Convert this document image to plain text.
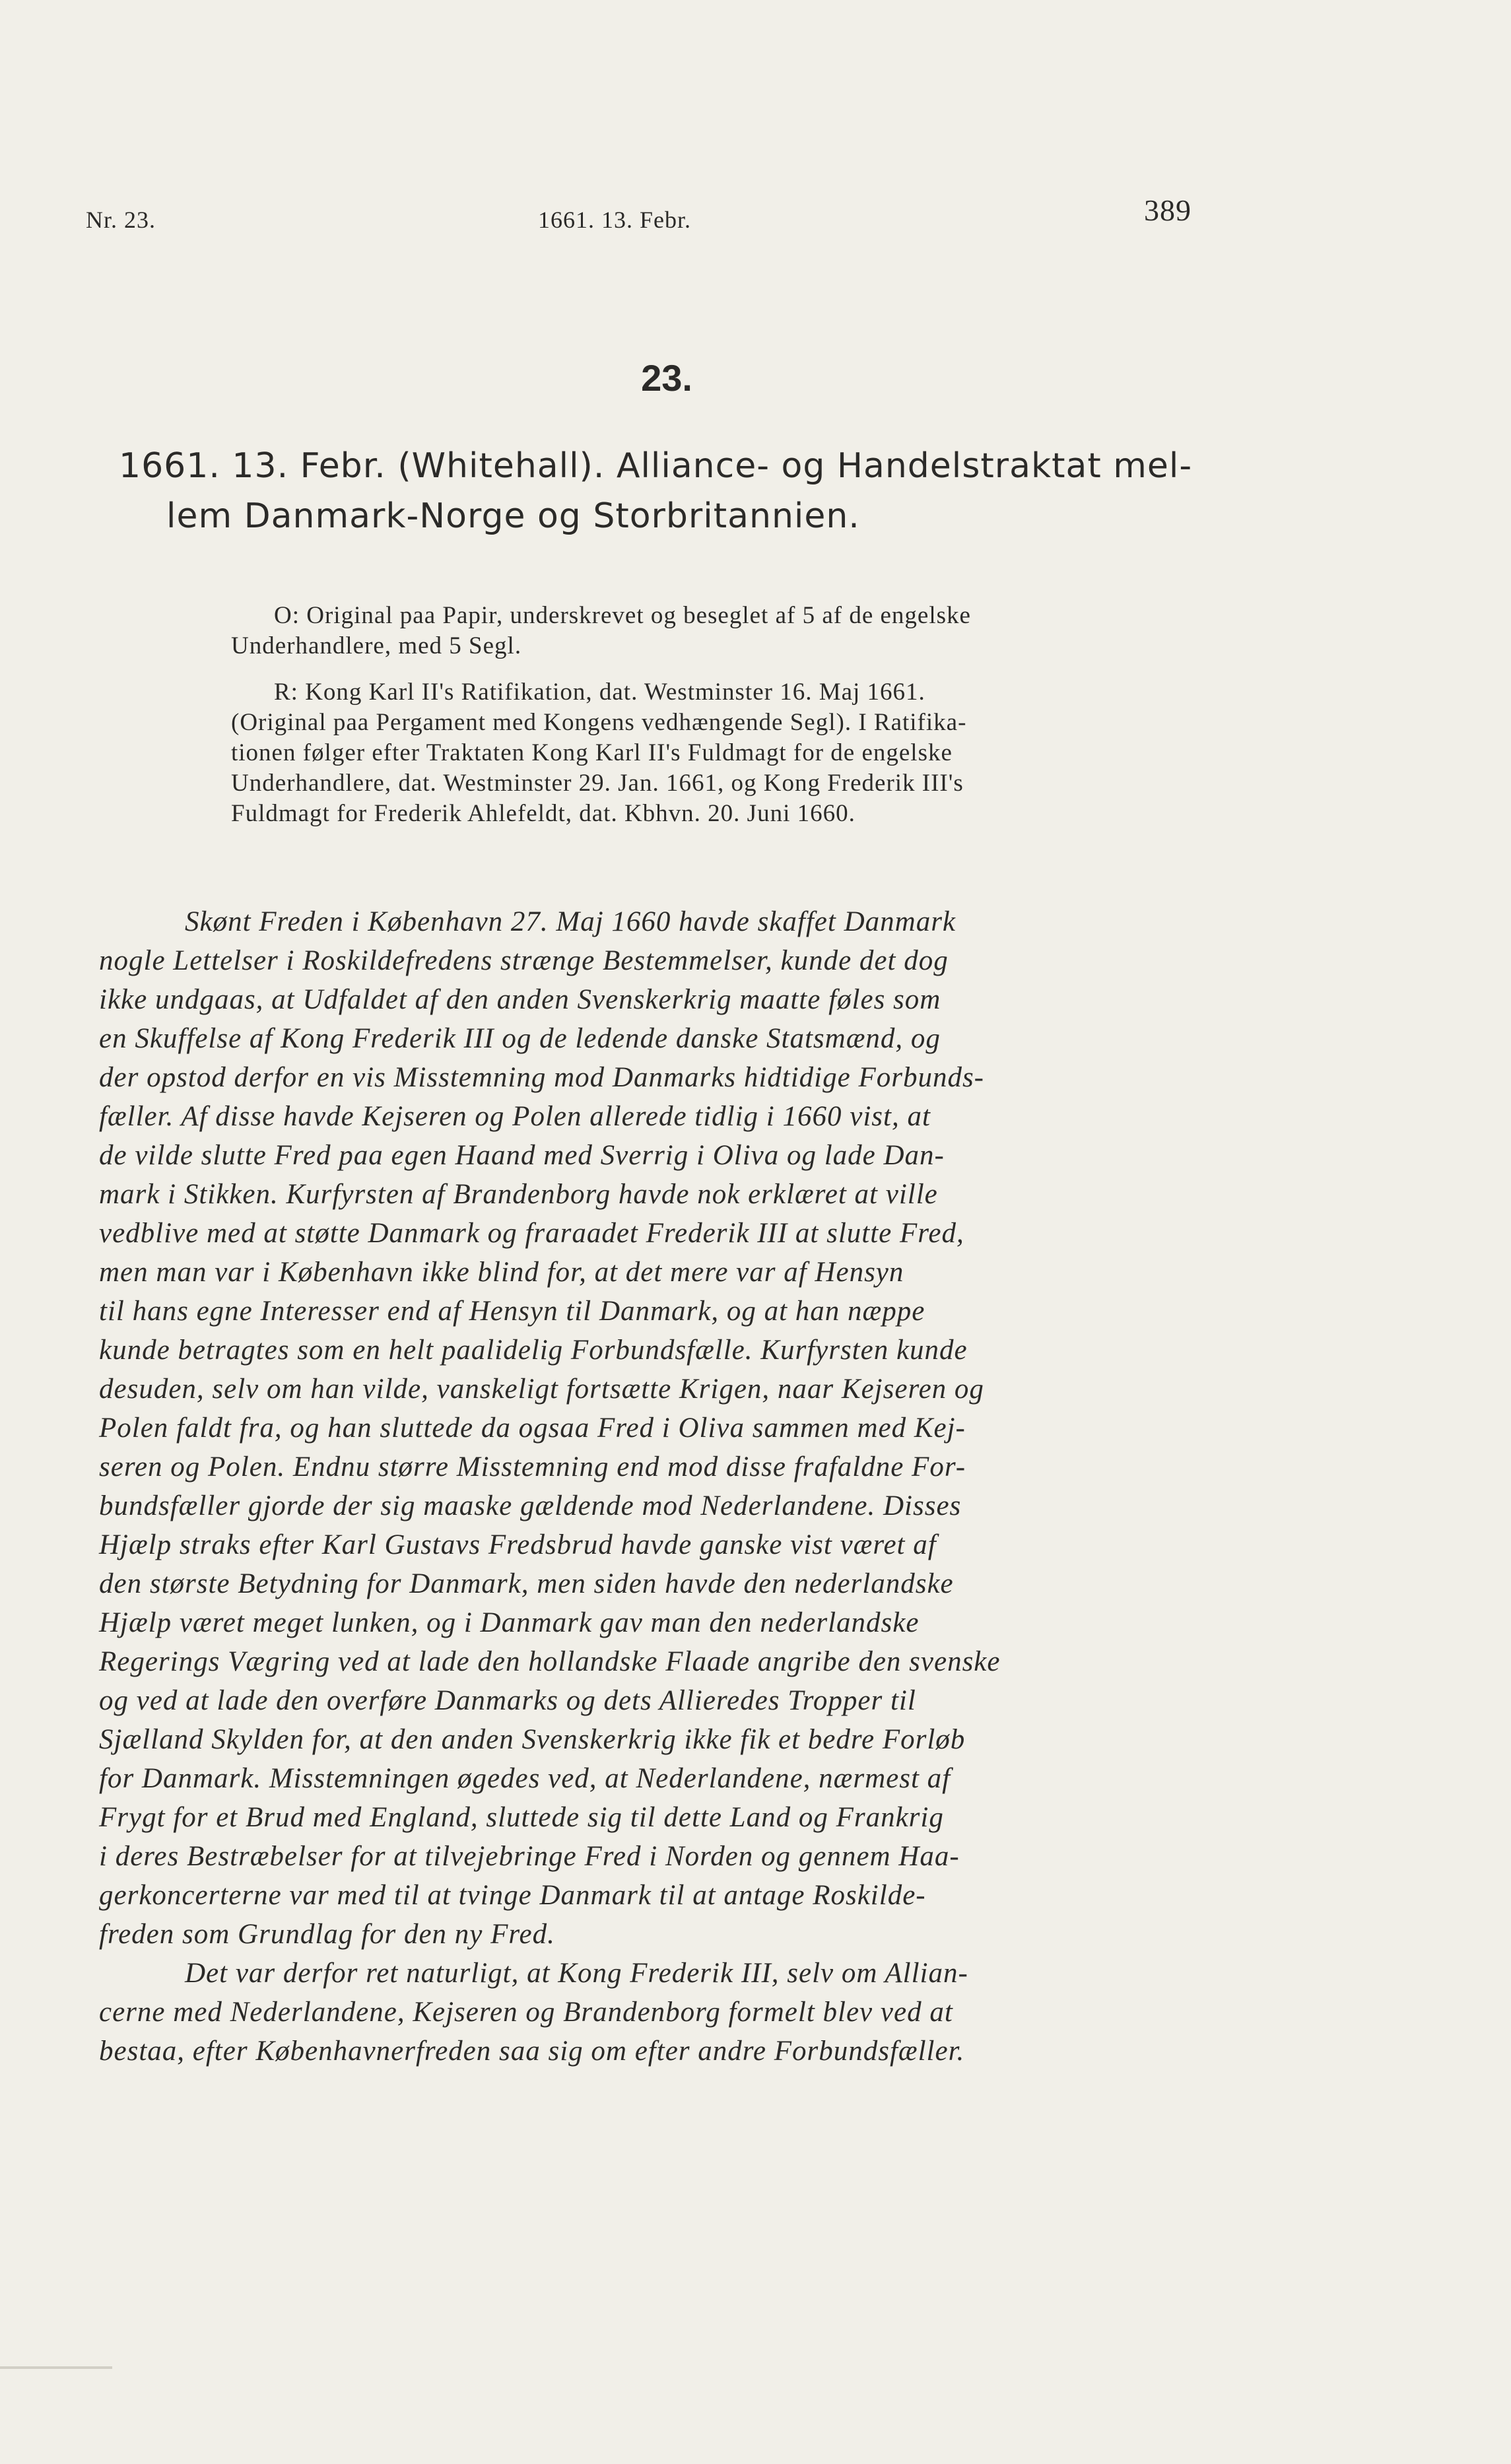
Nr. 23.	1661. 13. Febr.	389
23.
1661. 13. Febr. (Whitehall). Alliance- og Handelstraktat mel-
lem Danmark-Norge og Storbritannien.
O: Original paa Papir, underskrevet og beseglet af 5 af de engelske
Underhandlere, med 5 Segl.
R: Kong Karl II's Ratifikation, dat. Westminster 16. Maj 1661.
(Original paa Pergament med Kongens vedhængende Segl). I Ratifika-
tionen følger efter Traktaten Kong Karl II's Fuldmagt for de engelske
Underhandlere, dat. Westminster 29. Jan. 1661, og Kong Frederik III's
Fuldmagt for Frederik Ahlefeldt, dat. Kbhvn. 20. Juni 1660.
Skønt Freden i København 27. Maj 1660 havde skaffet Danmark
nogle Lettelser i Roskildefredens strænge Bestemmelser, kunde det dog
ikke undgaas, at Udfaldet af den anden Svenskerkrig maatte føles som
en Skuffelse af Kong Frederik III og de ledende danske Statsmænd, og
der opstod derfor en vis Misstemning mod Danmarks hidtidige Forbunds-
fæller. Af disse havde Kejseren og Polen allerede tidlig i 1660 vist, at
de vilde slutte Fred paa egen Haand med Sverrig i Oliva og lade Dan-
mark i Stikken. Kurfyrsten af Brandenborg havde nok erklæret at ville
vedblive med at støtte Danmark og fraraadet Frederik III at slutte Fred,
men man var i København ikke blind for, at det mere var af Hensyn
til hans egne Interesser end af Hensyn til Danmark, og at han næppe
kunde betragtes som en helt paalidelig Forbundsfælle. Kurfyrsten kunde
desuden, selv om han vilde, vanskeligt fortsætte Krigen, naar Kejseren og
Polen faldt fra, og han sluttede da ogsaa Fred i Oliva sammen med Kej-
seren og Polen. Endnu større Misstemning end mod disse frafaldne For-
bundsfæller gjorde der sig maaske gældende mod Nederlandene. Disses
Hjælp straks efter Karl Gustavs Fredsbrud havde ganske vist været af
den største Betydning for Danmark, men siden havde den nederlandske
Hjælp været meget lunken, og i Danmark gav man den nederlandske
Regerings Vægring ved at lade den hollandske Flaade angribe den svenske
og ved at lade den overføre Danmarks og dets Allieredes Tropper til
Sjælland Skylden for, at den anden Svenskerkrig ikke fik et bedre Forløb
for Danmark. Misstemningen øgedes ved, at Nederlandene, nærmest af
Frygt for et Brud med England, sluttede sig til dette Land og Frankrig
i deres Bestræbelser for at tilvejebringe Fred i Norden og gennem Haa-
gerkoncerterne var med til at tvinge Danmark til at antage Roskilde-
freden som Grundlag for den ny Fred.
Det var derfor ret naturligt, at Kong Frederik III, selv om Allian-
cerne med Nederlandene, Kejseren og Brandenborg formelt blev ved at
bestaa, efter Københavnerfreden saa sig om efter andre Forbundsfæller.
